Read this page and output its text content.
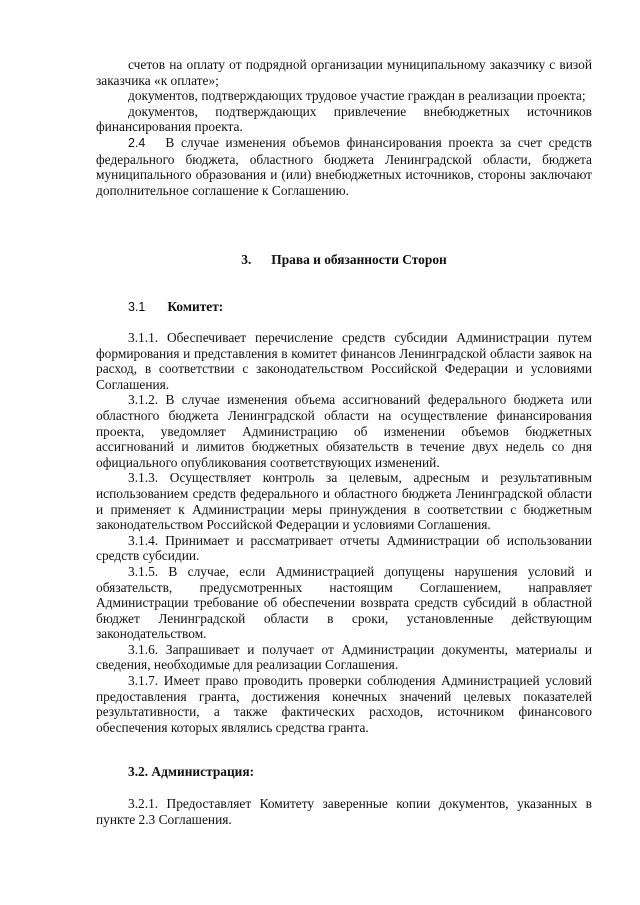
счетов на оплату от подрядной организации муниципальному заказчику с визой заказчика «к оплате»;

документов, подтверждающих трудовое участие граждан в реализации проекта;

документов, подтверждающих привлечение внебюджетных источников финансирования проекта.

2.4 В случае изменения объемов финансирования проекта за счет средств федерального бюджета, областного бюджета Ленинградской области, бюджета муниципального образования и (или) внебюджетных источников, стороны заключают дополнительное соглашение к Соглашению.

3. Права и обязанности Сторон

3.1 Комитет:

3.1.1. Обеспечивает перечисление средств субсидии Администрации путем формирования и представления в комитет финансов Ленинградской области заявок на расход, в соответствии с законодательством Российской Федерации и условиями Соглашения.

3.1.2. В случае изменения объема ассигнований федерального бюджета или областного бюджета Ленинградской области на осуществление финансирования проекта, уведомляет Администрацию об изменении объемов бюджетных ассигнований и лимитов бюджетных обязательств в течение двух недель со дня официального опубликования соответствующих изменений.

3.1.3. Осуществляет контроль за целевым, адресным и результативным использованием средств федерального и областного бюджета Ленинградской области и применяет к Администрации меры принуждения в соответствии с бюджетным законодательством Российской Федерации и условиями Соглашения.

3.1.4. Принимает и рассматривает отчеты Администрации об использовании средств субсидии.

3.1.5. В случае, если Администрацией допущены нарушения условий и обязательств, предусмотренных настоящим Соглашением, направляет Администрации требование об обеспечении возврата средств субсидий в областной бюджет Ленинградской области в сроки, установленные действующим законодательством.

3.1.6. Запрашивает и получает от Администрации документы, материалы и сведения, необходимые для реализации Соглашения.

3.1.7. Имеет право проводить проверки соблюдения Администрацией условий предоставления гранта, достижения конечных значений целевых показателей результативности, а также фактических расходов, источником финансового обеспечения которых являлись средства гранта.

3.2. Администрация:

3.2.1. Предоставляет Комитету заверенные копии документов, указанных в пункте 2.3 Соглашения.
